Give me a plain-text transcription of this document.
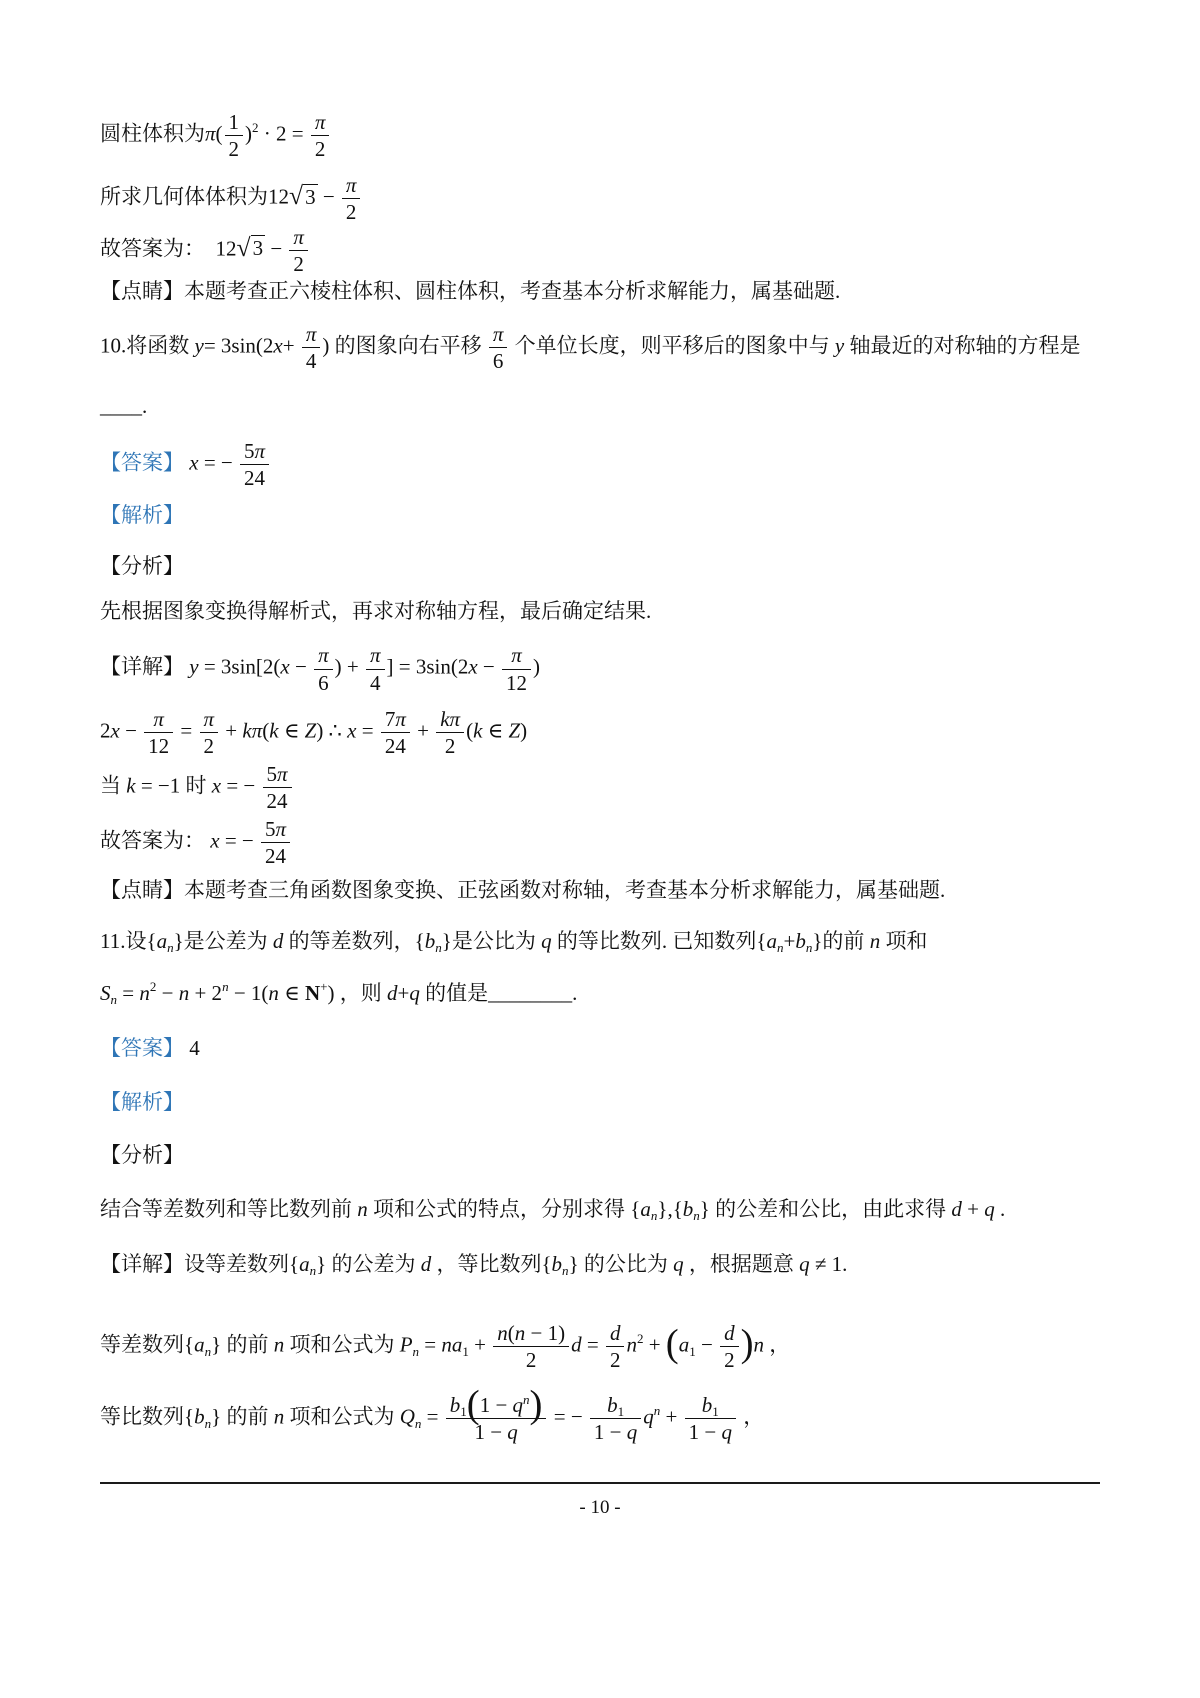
圆柱体积为$\pi( \frac{1}{2} )^2 \cdot 2 = \frac{\pi}{2}$
所求几何体体积为$12√3 - \frac{\pi}{2}$
故答案为：  $12√3 - \frac{\pi}{2}$
【点睛】本题考查正六棱柱体积、圆柱体积，考查基本分析求解能力，属基础题.
10.将函数 $y= 3\sin(2x+ \frac{\pi}{4}$ ) 的图象向右平移 $\frac{\pi}{6}$ 个单位长度，则平移后的图象中与 y 轴最近的对称轴的方程是
____.
【答案】 x = − $\frac{5\pi}{24}$
【解析】
【分析】
先根据图象变换得解析式，再求对称轴方程，最后确定结果.
【详解】 $y = 3\sin[2(x - \frac{\pi}{6}$ ) + $\frac{\pi}{4}$ ] = $3\sin(2x - \frac{\pi}{12}$ )
$2x - \frac{\pi}{12} = \frac{\pi}{2} + k\pi(k$ ∈ Z) ∴ $x = \frac{7\pi}{24} + \frac{k\pi}{2} (k$ ∈ Z)
当 k = −1 时 x = − $\frac{5\pi}{24}$
故答案为： x = − $\frac{5\pi}{24}$
【点睛】本题考查三角函数图象变换、正弦函数对称轴，考查基本分析求解能力，属基础题.
11.设$\{a_n\}$是公差为 d 的等差数列，$\{b_n\}$是公比为 q 的等比数列. 已知数列$\{a_n+b_n\}$的前 n 项和
$S_n = n^2 - n + 2^n - 1(n$ ∈ N+) ，则 d+q 的值是________.
【答案】 4
【解析】
【分析】
结合等差数列和等比数列前 n 项和公式的特点，分别求得 $\{a_n\},\{b_n\}$ 的公差和公比，由此求得 d + q .
【详解】设等差数列$\{a_n\}$ 的公差为 d ，等比数列$\{b_n\}$ 的公比为 q ，根据题意 q ≠ 1.
等差数列$\{a_n\}$ 的前 n 项和公式为 $P_n = na_1 + \frac{n(n - 1)}{2}$ $d = \frac{d}{2} n^2 + (a_1 - \frac{d}{2} )n$ ，
等比数列$\{b_n\}$ 的前 n 项和公式为 $Q_n = \frac{b_1(1 - q^n)}{1 - q}$ = − $\frac{b_1}{1 - q} q^n + \frac{b_1}{1 - q}$ ，
- 10 -
